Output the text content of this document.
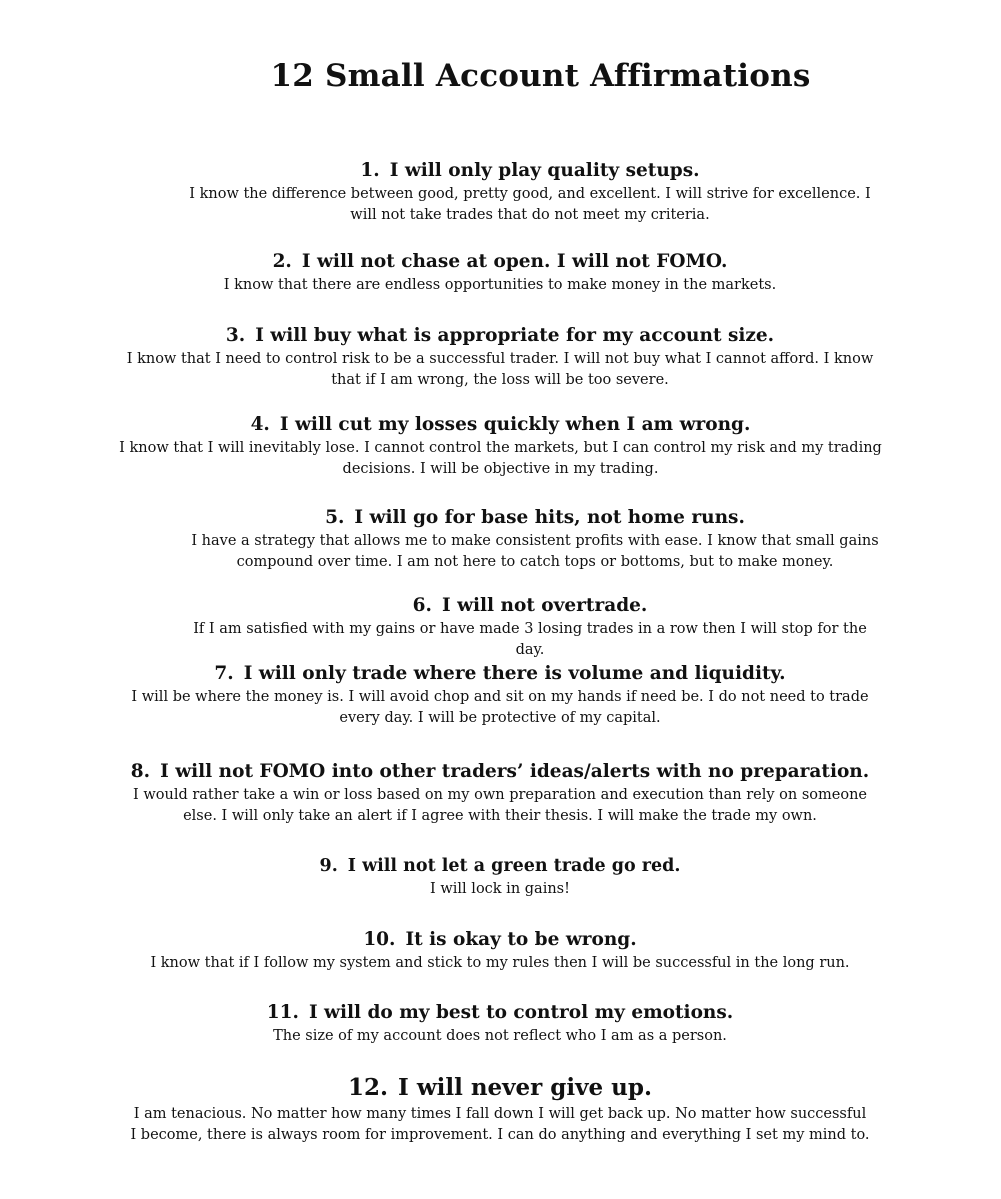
12 Small Account Affirmations

1. I will only play quality setups.

I know the difference between good, pretty good, and excellent. I will strive for excellence. I will not take trades that do not meet my criteria.

2. I will not chase at open. I will not FOMO.

I know that there are endless opportunities to make money in the markets.

3. I will buy what is appropriate for my account size.

I know that I need to control risk to be a successful trader. I will not buy what I cannot afford. I know that if I am wrong, the loss will be too severe.

4. I will cut my losses quickly when I am wrong.

I know that I will inevitably lose. I cannot control the markets, but I can control my risk and my trading decisions. I will be objective in my trading.

5. I will go for base hits, not home runs.

I have a strategy that allows me to make consistent profits with ease. I know that small gains compound over time. I am not here to catch tops or bottoms, but to make money.

6. I will not overtrade.

If I am satisfied with my gains or have made 3 losing trades in a row then I will stop for the day.

7. I will only trade where there is volume and liquidity.

I will be where the money is. I will avoid chop and sit on my hands if need be. I do not need to trade every day. I will be protective of my capital.

8. I will not FOMO into other traders’ ideas/alerts with no preparation.

I would rather take a win or loss based on my own preparation and execution than rely on someone else. I will only take an alert if I agree with their thesis. I will make the trade my own.

9. I will not let a green trade go red.

I will lock in gains!

10. It is okay to be wrong.

I know that if I follow my system and stick to my rules then I will be successful in the long run.

11. I will do my best to control my emotions.

The size of my account does not reflect who I am as a person.

12. I will never give up.

I am tenacious. No matter how many times I fall down I will get back up. No matter how successful I become, there is always room for improvement. I can do anything and everything I set my mind to.
